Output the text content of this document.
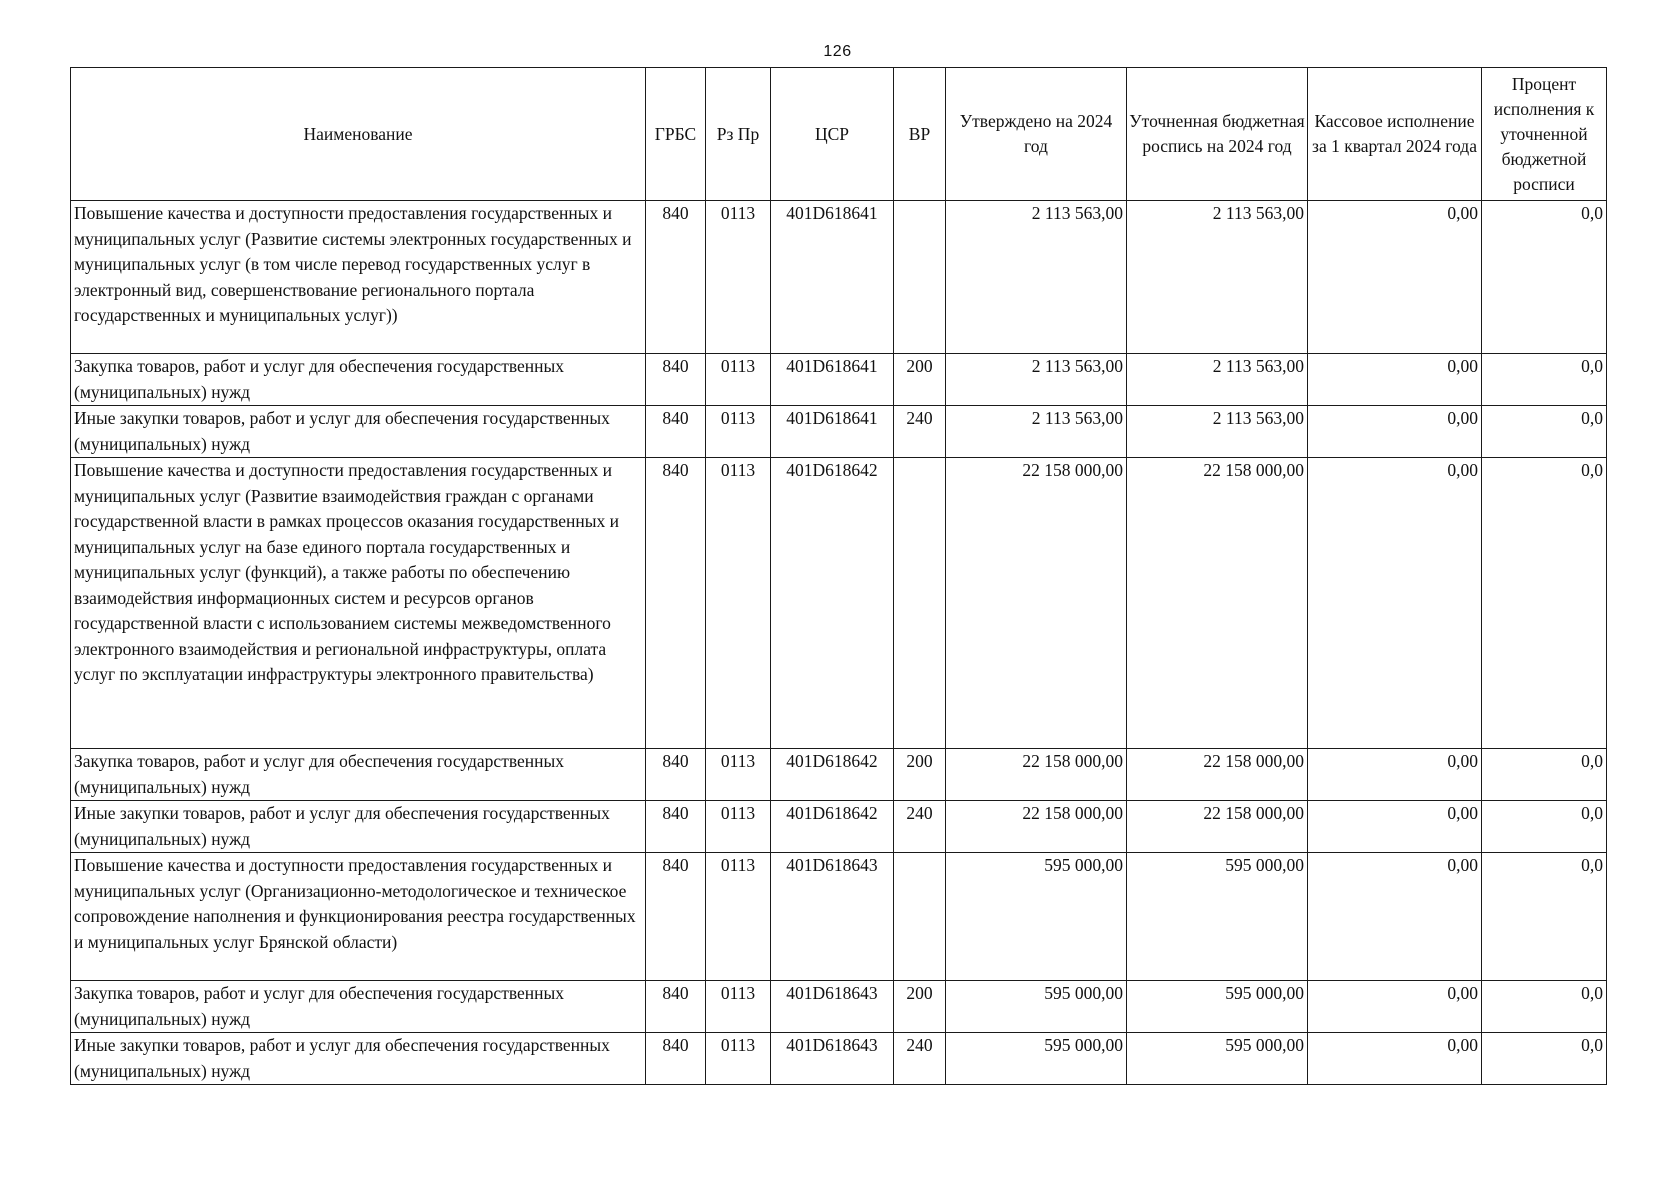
126
Наименование	ГРБС	Рз Пр	ЦСР	ВР	Утверждено на 2024 год	Уточненная бюджетная роспись на 2024 год	Кассовое исполнение за 1 квартал 2024 года	Процент исполнения к уточненной бюджетной росписи
Повышение качества и доступности предоставления государственных и муниципальных услуг (Развитие системы электронных государственных и муниципальных услуг (в том числе перевод государственных услуг в электронный вид, совершенствование регионального портала государственных и муниципальных услуг))	840	0113	401D618641		2 113 563,00	2 113 563,00	0,00	0,0
Закупка товаров, работ и услуг для обеспечения государственных (муниципальных) нужд	840	0113	401D618641	200	2 113 563,00	2 113 563,00	0,00	0,0
Иные закупки товаров, работ и услуг для обеспечения государственных (муниципальных) нужд	840	0113	401D618641	240	2 113 563,00	2 113 563,00	0,00	0,0
Повышение качества и доступности предоставления государственных и муниципальных услуг (Развитие взаимодействия граждан с органами государственной власти в рамках процессов оказания государственных и муниципальных услуг на базе единого портала государственных и муниципальных услуг (функций), а также работы по обеспечению взаимодействия информационных систем и ресурсов органов государственной власти с использованием системы межведомственного электронного взаимодействия и региональной инфраструктуры, оплата услуг по эксплуатации инфраструктуры электронного правительства)	840	0113	401D618642		22 158 000,00	22 158 000,00	0,00	0,0
Закупка товаров, работ и услуг для обеспечения государственных (муниципальных) нужд	840	0113	401D618642	200	22 158 000,00	22 158 000,00	0,00	0,0
Иные закупки товаров, работ и услуг для обеспечения государственных (муниципальных) нужд	840	0113	401D618642	240	22 158 000,00	22 158 000,00	0,00	0,0
Повышение качества и доступности предоставления государственных и муниципальных услуг (Организационно-методологическое и техническое сопровождение наполнения и функционирования реестра государственных и муниципальных услуг Брянской области)	840	0113	401D618643		595 000,00	595 000,00	0,00	0,0
Закупка товаров, работ и услуг для обеспечения государственных (муниципальных) нужд	840	0113	401D618643	200	595 000,00	595 000,00	0,00	0,0
Иные закупки товаров, работ и услуг для обеспечения государственных (муниципальных) нужд	840	0113	401D618643	240	595 000,00	595 000,00	0,00	0,0
